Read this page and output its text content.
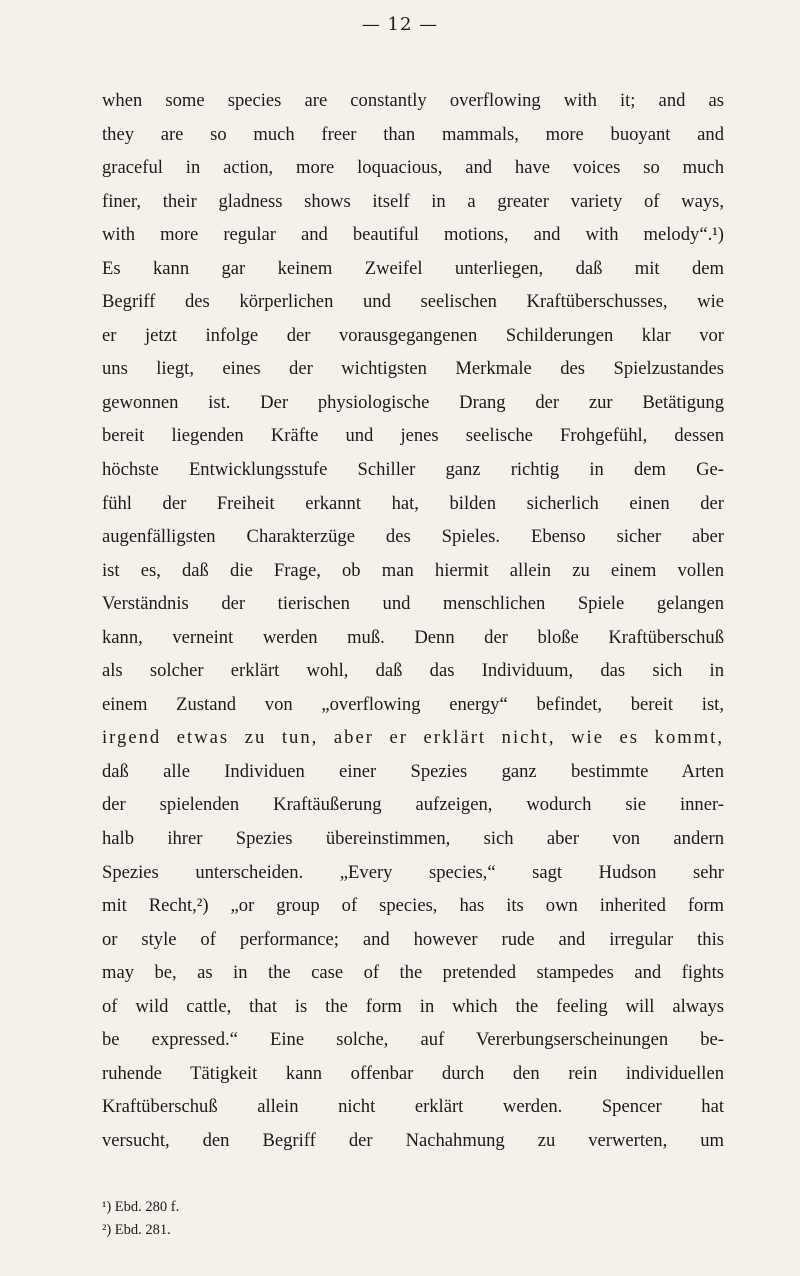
— 12 —
when some species are constantly overflowing with it; and as
they are so much freer than mammals, more buoyant and
graceful in action, more loquacious, and have voices so much
finer, their gladness shows itself in a greater variety of ways,
with more regular and beautiful motions, and with melody“.¹)
Es kann gar keinem Zweifel unterliegen, daß mit dem
Begriff des körperlichen und seelischen Kraftüberschusses, wie
er jetzt infolge der vorausgegangenen Schilderungen klar vor
uns liegt, eines der wichtigsten Merkmale des Spielzustandes
gewonnen ist. Der physiologische Drang der zur Betätigung
bereit liegenden Kräfte und jenes seelische Frohgefühl, dessen
höchste Entwicklungsstufe Schiller ganz richtig in dem Ge-
fühl der Freiheit erkannt hat, bilden sicherlich einen der
augenfälligsten Charakterzüge des Spieles. Ebenso sicher aber
ist es, daß die Frage, ob man hiermit allein zu einem vollen
Verständnis der tierischen und menschlichen Spiele gelangen
kann, verneint werden muß. Denn der bloße Kraftüberschuß
als solcher erklärt wohl, daß das Individuum, das sich in
einem Zustand von „overflowing energy“ befindet, bereit ist,
irgend etwas zu tun, aber er erklärt nicht, wie es kommt,
daß alle Individuen einer Spezies ganz bestimmte Arten
der spielenden Kraftäußerung aufzeigen, wodurch sie inner-
halb ihrer Spezies übereinstimmen, sich aber von andern
Spezies unterscheiden. „Every species,“ sagt Hudson sehr
mit Recht,²) „or group of species, has its own inherited form
or style of performance; and however rude and irregular this
may be, as in the case of the pretended stampedes and fights
of wild cattle, that is the form in which the feeling will always
be expressed.“ Eine solche, auf Vererbungserscheinungen be-
ruhende Tätigkeit kann offenbar durch den rein individuellen
Kraftüberschuß allein nicht erklärt werden. Spencer hat
versucht, den Begriff der Nachahmung zu verwerten, um
¹) Ebd. 280 f.
²) Ebd. 281.
